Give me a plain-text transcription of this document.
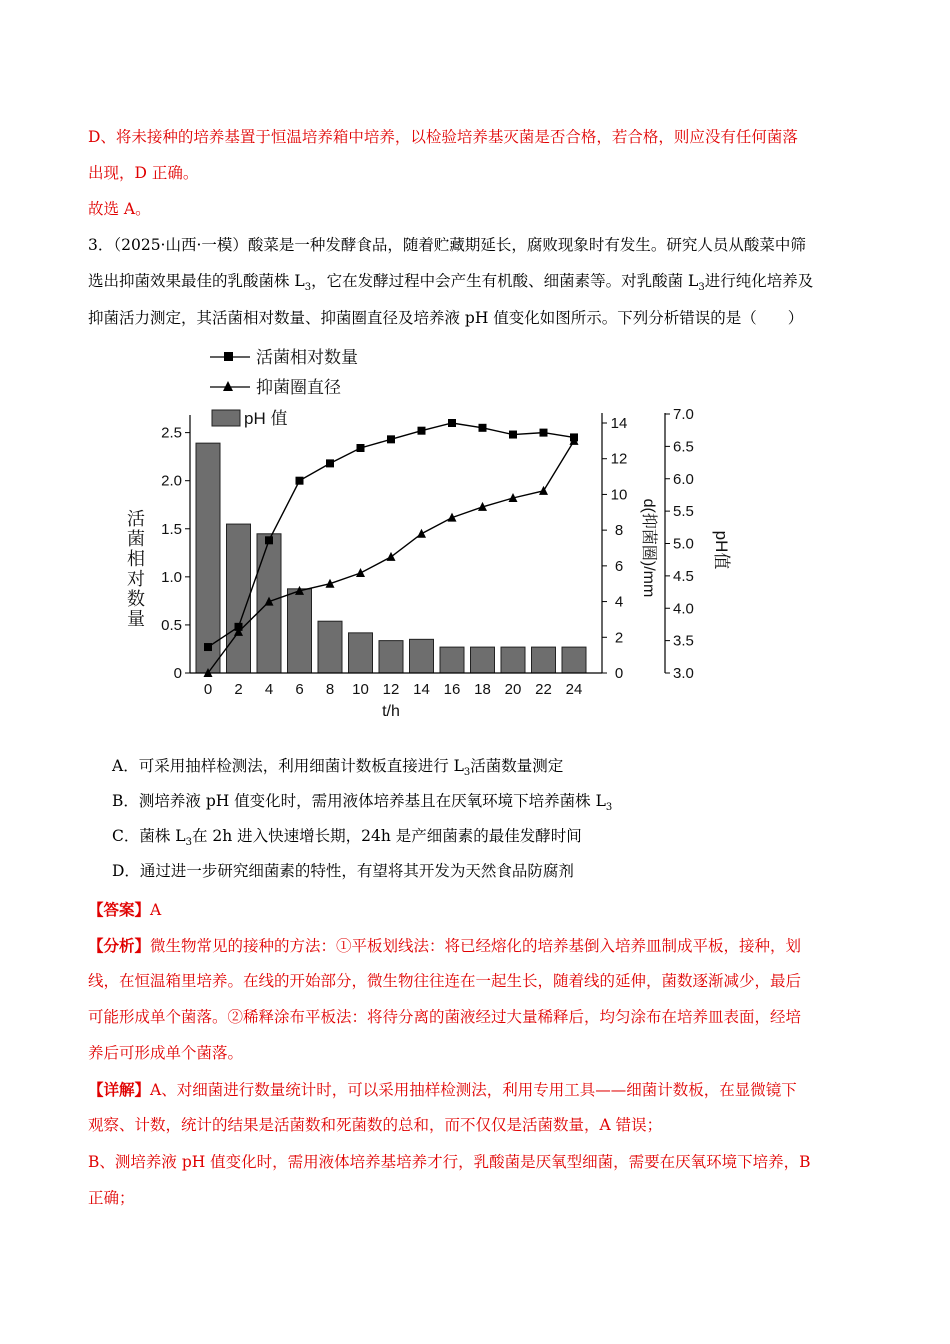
D、将未接种的培养基置于恒温培养箱中培养，以检验培养基灭菌是否合格，若合格，则应没有任何菌落

出现，D 正确。

故选 A。

3．（2025·山西·一模）酸菜是一种发酵食品，随着贮藏期延长，腐败现象时有发生。研究人员从酸菜中筛

选出抑菌效果最佳的乳酸菌株 $L_3$，它在发酵过程中会产生有机酸、细菌素等。对乳酸菌 $L_3$进行纯化培养及

抑菌活力测定，其活菌相对数量、抑菌圈直径及培养液 pH 值变化如图所示。下列分析错误的是（　　）

活菌相对数量
抑菌圈直径
pH 值
0
0.5
1.0
1.5
2.0
2.5
0
2
4
6
8
10
12
14
3.0
3.5
4.0
4.5
5.0
5.5
6.0
6.5
7.0
0 2 4 6 8 10 12 14 16 18 20 22 24
t/h
活
菌
相
对
数
量
d(抑菌圈)/mm	pH值

A．可采用抽样检测法，利用细菌计数板直接进行 $L_3$活菌数量测定

B．测培养液 pH 值变化时，需用液体培养基且在厌氧环境下培养菌株 $L_3$

C．菌株 $L_3$在 2h 进入快速增长期，24h 是产细菌素的最佳发酵时间

D．通过进一步研究细菌素的特性，有望将其开发为天然食品防腐剂

【答案】A

【分析】微生物常见的接种的方法：①平板划线法：将已经熔化的培养基倒入培养皿制成平板，接种，划

线，在恒温箱里培养。在线的开始部分，微生物往往连在一起生长，随着线的延伸，菌数逐渐减少，最后

可能形成单个菌落。②稀释涂布平板法：将待分离的菌液经过大量稀释后，均匀涂布在培养皿表面，经培

养后可形成单个菌落。

【详解】A、对细菌进行数量统计时，可以采用抽样检测法，利用专用工具——细菌计数板，在显微镜下

观察、计数，统计的结果是活菌数和死菌数的总和，而不仅仅是活菌数量，A 错误；

B、测培养液 pH 值变化时，需用液体培养基培养才行，乳酸菌是厌氧型细菌，需要在厌氧环境下培养，B

正确；
